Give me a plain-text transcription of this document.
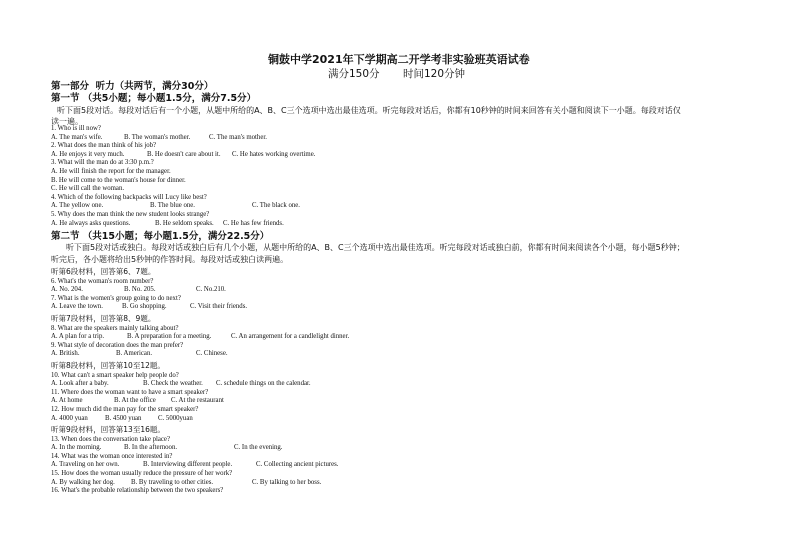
铜鼓中学2021年下学期高二开学考非实验班英语试卷
满分150分 时间120分钟
第一部分  听力（共两节，满分30分）
第一节 （共5小题；每小题1.5分，满分7.5分）
听下面5段对话。每段对话后有一个小题，从题中所给的A、B、C三个选项中选出最佳选项。听完每段对话后，你都有10秒钟的时间来回答有关小题和阅读下一小题。每段对话仅
读一遍。
1. Who is ill now?
A. The man's wife.	B. The woman's mother.	C. The man's mother.
2. What does the man think of his job?
A. He enjoys it very much.	B. He doesn't care about it. C. He hates working overtime.
3. What will the man do at 3:30 p.m.?
A. He will finish the report for the manager.
B. He will come to the woman's house for dinner.
C. He will call the woman.
4. Which of the following backpacks will Lucy like best?
A. The yellow one.	B. The blue one.	C. The black one.
5. Why does the man think the new student looks strange?
A. He always asks questions.	B. He seldom speaks. C. He has few friends.
第二节 （共15小题；每小题1.5分，满分22.5分）
听下面5段对话或独白。每段对话或独白后有几个小题，从题中所给的A、B、C三个选项中选出最佳选项。听完每段对话或独白前，你都有时间来阅读各个小题，每小题5秒钟；
听完后，各小题将给出5秒钟的作答时间。每段对话或独白读两遍。
听第6段材料，回答第6、7题。
6. What's the woman's room number?
A. No. 204.	B. No. 205.	C. No.210.
7. What is the women's group going to do next?
A. Leave the town.	B. Go shopping.	C. Visit their friends.
听第7段材料，回答第8、9题。
8. What are the speakers mainly talking about?
A. A plan for a trip.	B. A preparation for a meeting.	C. An arrangement for a candlelight dinner.
9. What style of decoration does the man prefer?
A. British.	B. American.	C. Chinese.
听第8段材料，回答第10至12题。
10. What can't a smart speaker help people do?
A. Look after a baby.	B. Check the weather. C. schedule things on the calendar.
11. Where does the woman want to have a smart speaker?
A. At home	B. At the office C. At the restaurant
12. How much did the man pay for the smart speaker?
A. 4000 yuan	B. 4500 yuan C. 5000yuan
听第9段材料，回答第13至16题。
13. When does the conversation take place?
A. In the morning.	B. In the afternoon.	C. In the evening.
14. What was the woman once interested in?
A. Traveling on her own.	B. Interviewing different people.	C. Collecting ancient pictures.
15. How does the woman usually reduce the pressure of her work?
A. By walking her dog. B. By traveling to other cities.	C. By talking to her boss.
16. What's the probable relationship between the two speakers?
